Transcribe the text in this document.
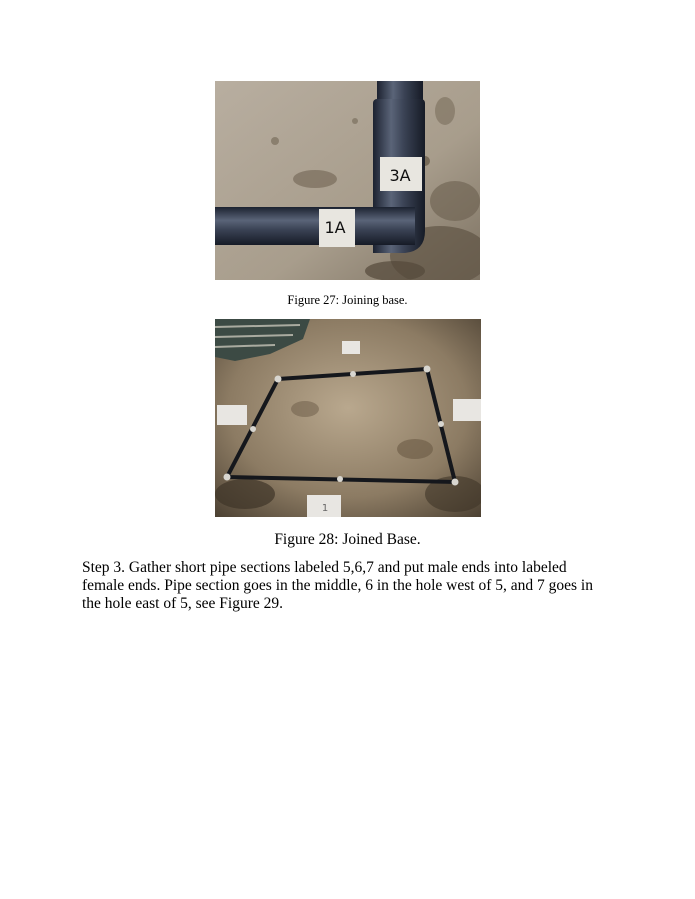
3A
1A
Figure 27: Joining base.
1
Figure 28: Joined Base.
Step 3. Gather short pipe sections labeled 5,6,7 and put male ends into labeled
female ends. Pipe section goes in the middle, 6 in the hole west of 5, and 7 goes in
the hole east of 5, see Figure 29.
